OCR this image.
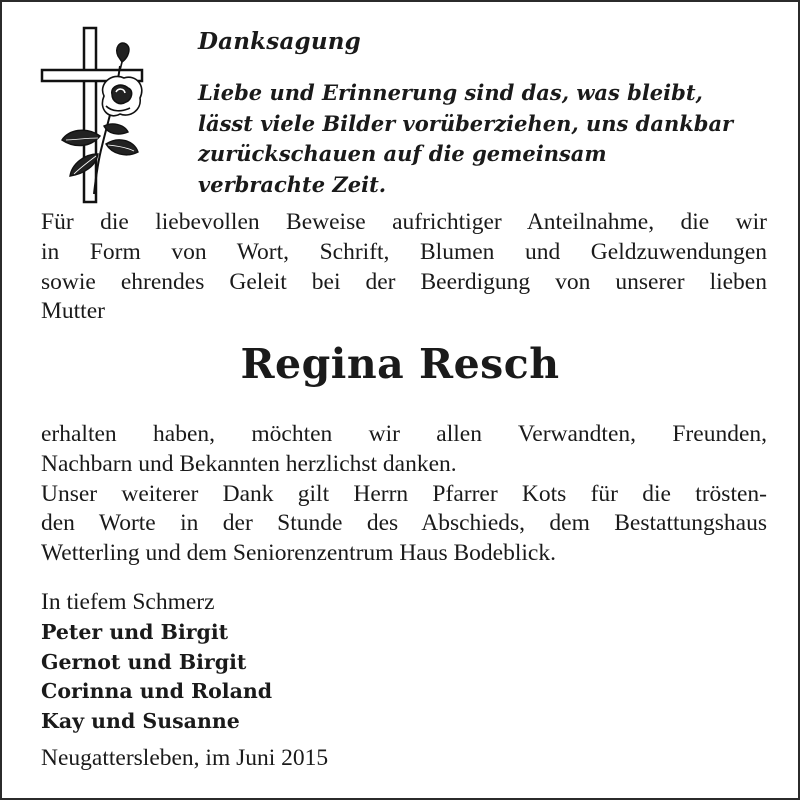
Danksagung
Liebe und Erinnerung sind das, was bleibt,
lässt viele Bilder vorüberziehen, uns dankbar
zurückschauen auf die gemeinsam
verbrachte Zeit.
Für die liebevollen Beweise aufrichtiger Anteilnahme, die wir
in Form von Wort, Schrift, Blumen und Geldzuwendungen
sowie ehrendes Geleit bei der Beerdigung von unserer lieben
Mutter
Regina Resch
erhalten haben, möchten wir allen Verwandten, Freunden,
Nachbarn und Bekannten herzlichst danken.
Unser weiterer Dank gilt Herrn Pfarrer Kots für die trösten-
den Worte in der Stunde des Abschieds, dem Bestattungshaus
Wetterling und dem Seniorenzentrum Haus Bodeblick.
In tiefem Schmerz
Peter und Birgit
Gernot und Birgit
Corinna und Roland
Kay und Susanne
Neugattersleben, im Juni 2015
